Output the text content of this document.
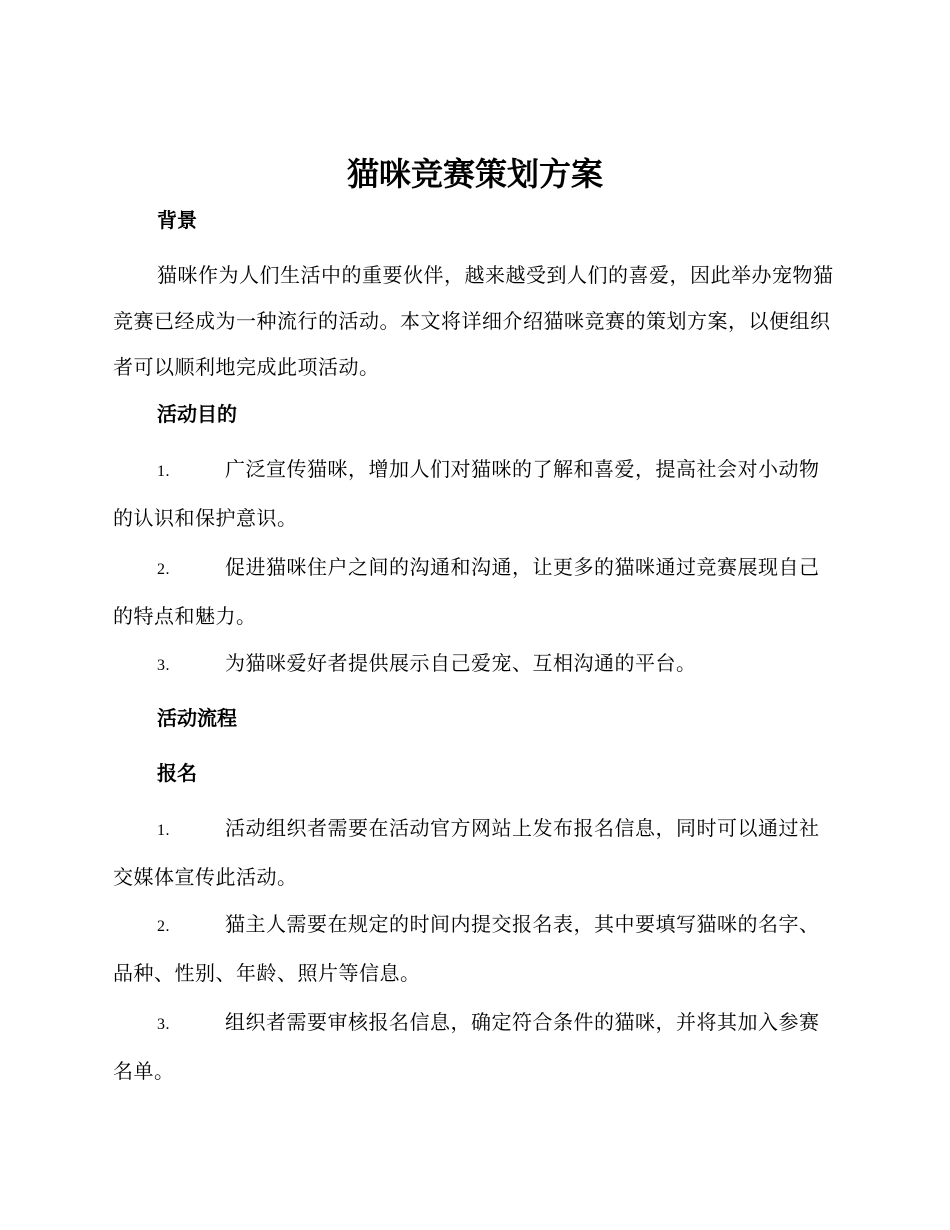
猫咪竞赛策划方案
背景

猫咪作为人们生活中的重要伙伴，越来越受到人们的喜爱，因此举办宠物猫竞赛已经成为一种流行的活动。本文将详细介绍猫咪竞赛的策划方案，以便组织者可以顺利地完成此项活动。

活动目的

1.	广泛宣传猫咪，增加人们对猫咪的了解和喜爱，提高社会对小动物的认识和保护意识。

2.	促进猫咪住户之间的沟通和沟通，让更多的猫咪通过竞赛展现自己的特点和魅力。

3.	为猫咪爱好者提供展示自己爱宠、互相沟通的平台。

活动流程
报名

1.	活动组织者需要在活动官方网站上发布报名信息，同时可以通过社交媒体宣传此活动。

2.	猫主人需要在规定的时间内提交报名表，其中要填写猫咪的名字、品种、性别、年龄、照片等信息。

3.	组织者需要审核报名信息，确定符合条件的猫咪，并将其加入参赛名单。
